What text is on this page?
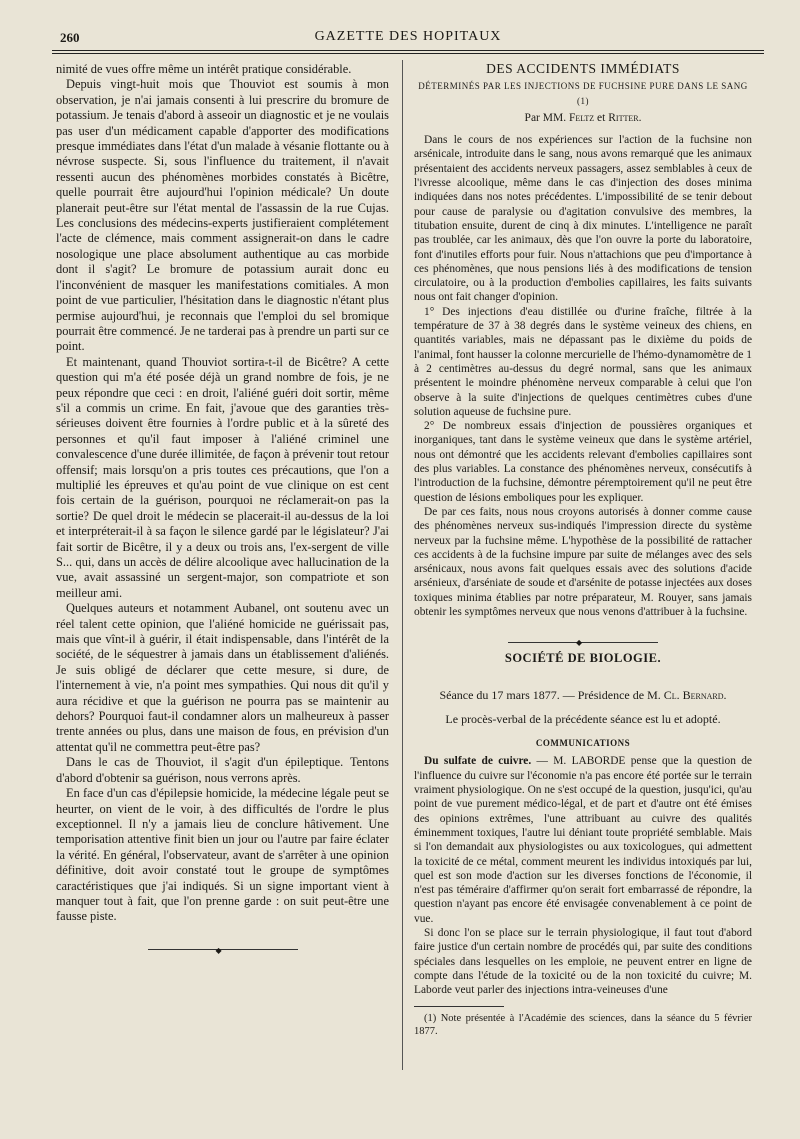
260	GAZETTE DES HOPITAUX

nimité de vues offre même un intérêt pratique considérable.

Depuis vingt-huit mois que Thouviot est soumis à mon observation, je n'ai jamais consenti à lui prescrire du bromure de potassium. Je tenais d'abord à asseoir un diagnostic et je ne voulais pas user d'un médicament capable d'apporter des modifications presque immédiates dans l'état d'un malade à vésanie flottante ou à névrose suspecte. Si, sous l'influence du traitement, il n'avait ressenti aucun des phénomènes morbides constatés à Bicêtre, quelle pourrait être aujourd'hui l'opinion médicale? Un doute planerait peut-être sur l'état mental de l'assassin de la rue Cujas. Les conclusions des médecins-experts justifieraient complétement l'acte de clémence, mais comment assignerait-on dans le cadre nosologique une place absolument authentique au cas morbide dont il s'agit? Le bromure de potassium aurait donc eu l'inconvénient de masquer les manifestations comitiales. A mon point de vue particulier, l'hésitation dans le diagnostic n'étant plus permise aujourd'hui, je reconnais que l'emploi du sel bromique pourrait être commencé. Je ne tarderai pas à prendre un parti sur ce point.

Et maintenant, quand Thouviot sortira-t-il de Bicêtre? A cette question qui m'a été posée déjà un grand nombre de fois, je ne peux répondre que ceci : en droit, l'aliéné guéri doit sortir, même s'il a commis un crime. En fait, j'avoue que des garanties très-sérieuses doivent être fournies à l'ordre public et à la sûreté des personnes et qu'il faut imposer à l'aliéné criminel une convalescence d'une durée illimitée, de façon à prévenir tout retour offensif; mais lorsqu'on a pris toutes ces précautions, que l'on a multiplié les épreuves et qu'au point de vue clinique on est cent fois certain de la guérison, pourquoi ne réclamerait-on pas la sortie? De quel droit le médecin se placerait-il au-dessus de la loi et interpréterait-il à sa façon le silence gardé par le législateur? J'ai fait sortir de Bicêtre, il y a deux ou trois ans, l'ex-sergent de ville S... qui, dans un accès de délire alcoolique avec hallucination de la vue, avait assassiné un sergent-major, son compatriote et son meilleur ami.

Quelques auteurs et notamment Aubanel, ont soutenu avec un réel talent cette opinion, que l'aliéné homicide ne guérissait pas, mais que vînt-il à guérir, il était indispensable, dans l'intérêt de la société, de le séquestrer à jamais dans un établissement d'aliénés. Je suis obligé de déclarer que cette mesure, si dure, de l'internement à vie, n'a point mes sympathies. Qui nous dit qu'il y aura récidive et que la guérison ne pourra pas se maintenir au dehors? Pourquoi faut-il condamner alors un malheureux à passer trente années ou plus, dans une maison de fous, en prévision d'un attentat qu'il ne commettra peut-être pas?

Dans le cas de Thouviot, il s'agit d'un épileptique. Tentons d'abord d'obtenir sa guérison, nous verrons après.

En face d'un cas d'épilepsie homicide, la médecine légale peut se heurter, on vient de le voir, à des difficultés de l'ordre le plus exceptionnel. Il n'y a jamais lieu de conclure hâtivement. Une temporisation attentive finit bien un jour ou l'autre par faire éclater la vérité. En général, l'observateur, avant de s'arrêter à une opinion définitive, doit avoir constaté tout le groupe de symptômes caractéristiques que j'ai indiqués. Si un signe important vient à manquer tout à fait, que l'on prenne garde : on suit peut-être une fausse piste.

◆
DES ACCIDENTS IMMÉDIATS
DÉTERMINÉS PAR LES INJECTIONS DE FUCHSINE PURE DANS LE SANG (1)
Par MM. Feltz et Ritter.

Dans le cours de nos expériences sur l'action de la fuchsine non arsénicale, introduite dans le sang, nous avons remarqué que les animaux présentaient des accidents nerveux passagers, assez semblables à ceux de l'ivresse alcoolique, même dans le cas d'injection des doses minima indiquées dans nos notes précédentes. L'impossibilité de se tenir debout pour cause de paralysie ou d'agitation convulsive des membres, la titubation ensuite, durent de cinq à dix minutes. L'intelligence ne paraît pas troublée, car les animaux, dès que l'on ouvre la porte du laboratoire, font d'inutiles efforts pour fuir. Nous n'attachions que peu d'importance à ces phénomènes, que nous pensions liés à des modifications de tension circulatoire, ou à la production d'embolies capillaires, les faits suivants nous ont fait changer d'opinion.

1° Des injections d'eau distillée ou d'urine fraîche, filtrée à la température de 37 à 38 degrés dans le système veineux des chiens, en quantités variables, mais ne dépassant pas le dixième du poids de l'animal, font hausser la colonne mercurielle de l'hémo-dynamomètre de 1 à 2 centimètres au-dessus du degré normal, sans que les animaux présentent le moindre phénomène nerveux comparable à celui que l'on observe à la suite d'injections de quelques centimètres cubes d'une solution aqueuse de fuchsine pure.

2° De nombreux essais d'injection de poussières organiques et inorganiques, tant dans le système veineux que dans le système artériel, nous ont démontré que les accidents relevant d'embolies capillaires sont des plus variables. La constance des phénomènes nerveux, consécutifs à l'introduction de la fuchsine, démontre péremptoirement qu'il ne peut être question de lésions emboliques pour les expliquer.

De par ces faits, nous nous croyons autorisés à donner comme cause des phénomènes nerveux sus-indiqués l'impression directe du système nerveux par la fuchsine même. L'hypothèse de la possibilité de rattacher ces accidents à de la fuchsine impure par suite de mélanges avec des sels arsénicaux, nous avons fait quelques essais avec des solutions d'acide arsénieux, d'arséniate de soude et d'arsénite de potasse injectées aux doses toxiques minima établies par notre préparateur, M. Rouyer, sans jamais obtenir les symptômes nerveux que nous venons d'attribuer à la fuchsine.

◆
SOCIÉTÉ DE BIOLOGIE.
Séance du 17 mars 1877. — Présidence de M. Cl. Bernard.
Le procès-verbal de la précédente séance est lu et adopté.
COMMUNICATIONS

Du sulfate de cuivre. — M. LABORDE pense que la question de l'influence du cuivre sur l'économie n'a pas encore été portée sur le terrain vraiment physiologique. On ne s'est occupé de la question, jusqu'ici, qu'au point de vue purement médico-légal, et de part et d'autre ont été émises des opinions extrêmes, l'une attribuant au cuivre des qualités éminemment toxiques, l'autre lui déniant toute propriété semblable. Mais si l'on demandait aux physiologistes ou aux toxicologues, qui admettent la toxicité de ce métal, comment meurent les individus intoxiqués par lui, quel est son mode d'action sur les diverses fonctions de l'économie, il n'est pas téméraire d'affirmer qu'on serait fort embarrassé de répondre, la question n'ayant pas encore été envisagée convenablement à ce point de vue.

Si donc l'on se place sur le terrain physiologique, il faut tout d'abord faire justice d'un certain nombre de procédés qui, par suite des conditions spéciales dans lesquelles on les emploie, ne peuvent entrer en ligne de compte dans l'étude de la toxicité ou de la non toxicité du cuivre; M. Laborde veut parler des injections intra-veineuses d'une

(1) Note présentée à l'Académie des sciences, dans la séance du 5 février 1877.
